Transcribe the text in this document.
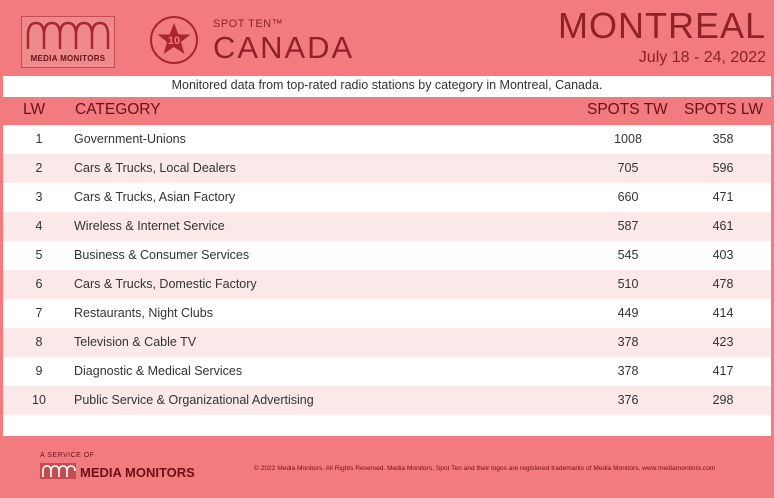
MEDIA MONITORS
10
SPOT TEN™
CANADA
MONTREAL
July 18 - 24, 2022
Monitored data from top-rated radio stations by category in Montreal, Canada.
LW CATEGORY	SPOTS TW SPOTS LW
1	Government-Unions	1008	358
2	Cars & Trucks, Local Dealers	705	596
3	Cars & Trucks, Asian Factory	660	471
4	Wireless & Internet Service	587	461
5	Business & Consumer Services	545	403
6	Cars & Trucks, Domestic Factory	510	478
7	Restaurants, Night Clubs	449	414
8	Television & Cable TV	378	423
9	Diagnostic & Medical Services	378	417
10 Public Service & Organizational Advertising	376	298
A SERVICE OF
MEDIA MONITORS	© 2022 Media Monitors. All Rights Reserved. Media Monitors, Spot Ten and their logos are registered trademarks of Media Monitors. www.mediamonitors.com
